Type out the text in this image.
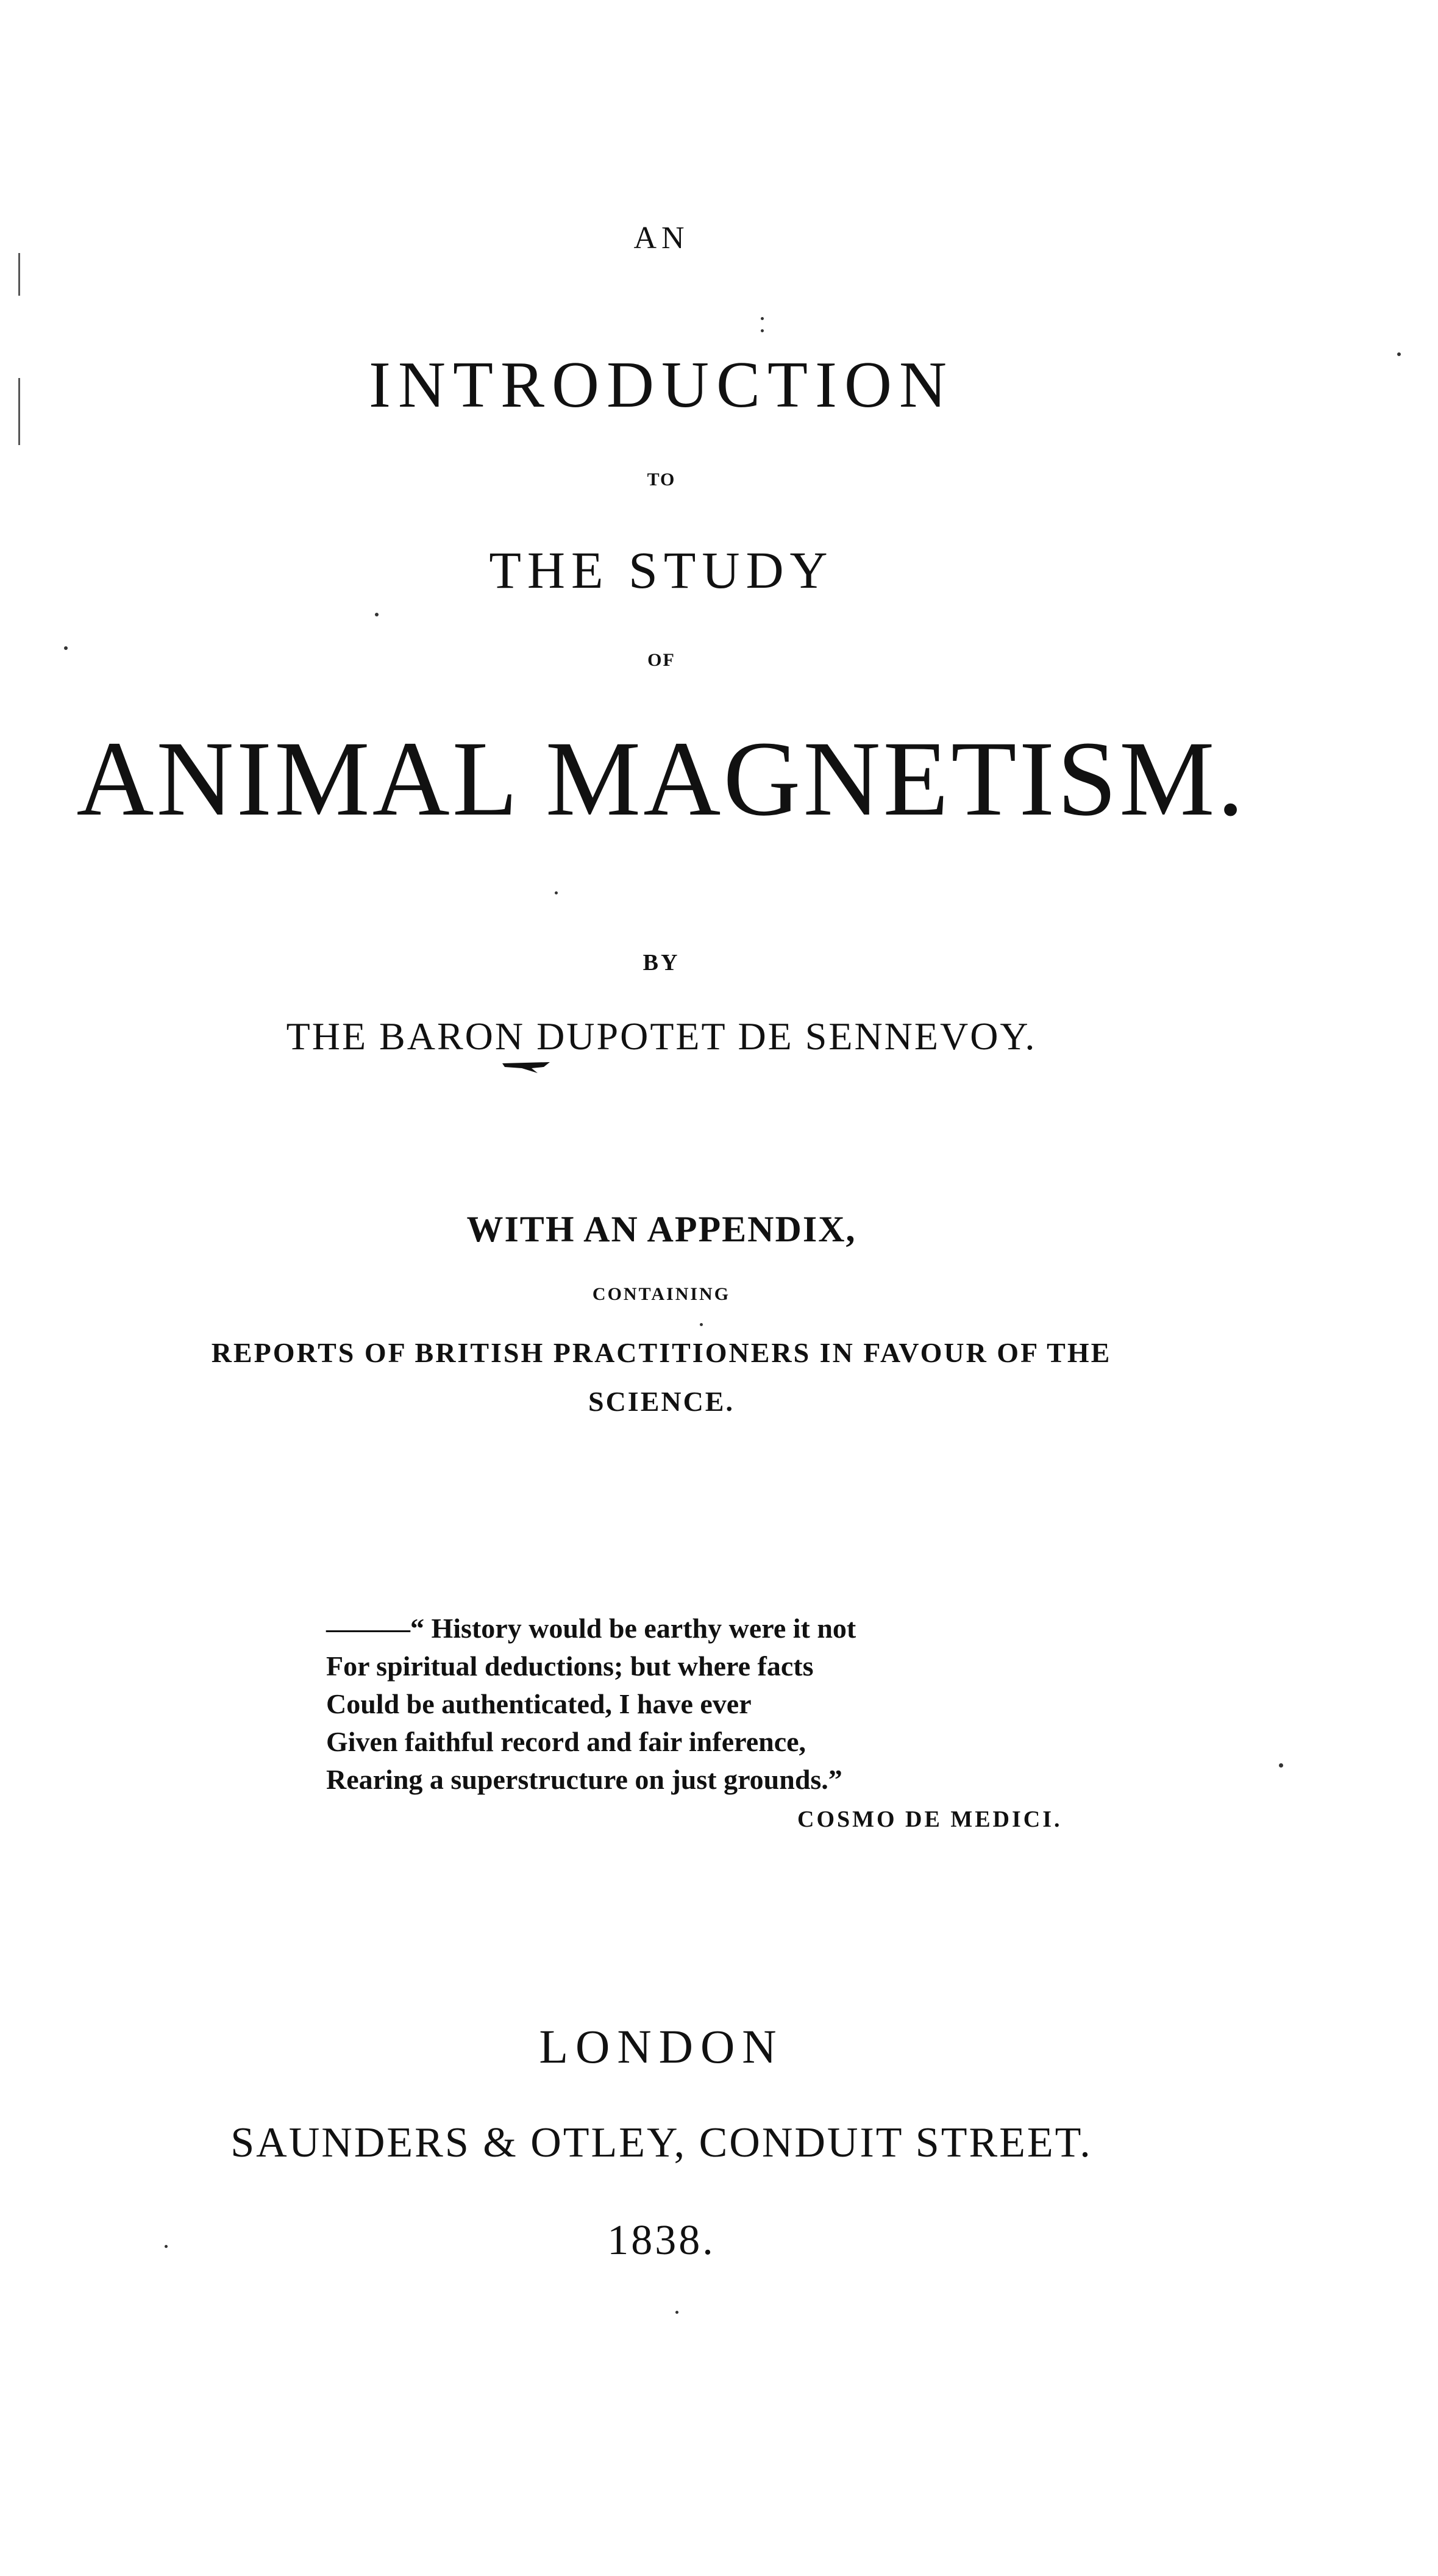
AN
INTRODUCTION
TO
THE STUDY
OF
ANIMAL MAGNETISM.
BY
THE BARON DUPOTET DE SENNEVOY.
WITH AN APPENDIX,
CONTAINING
REPORTS OF BRITISH PRACTITIONERS IN FAVOUR OF THE
SCIENCE.

———“ History would be earthy were it not

For spiritual deductions; but where facts

Could be authenticated, I have ever

Given faithful record and fair inference,

Rearing a superstructure on just grounds.”

COSMO DE MEDICI.
LONDON
SAUNDERS & OTLEY, CONDUIT STREET.
1838.
